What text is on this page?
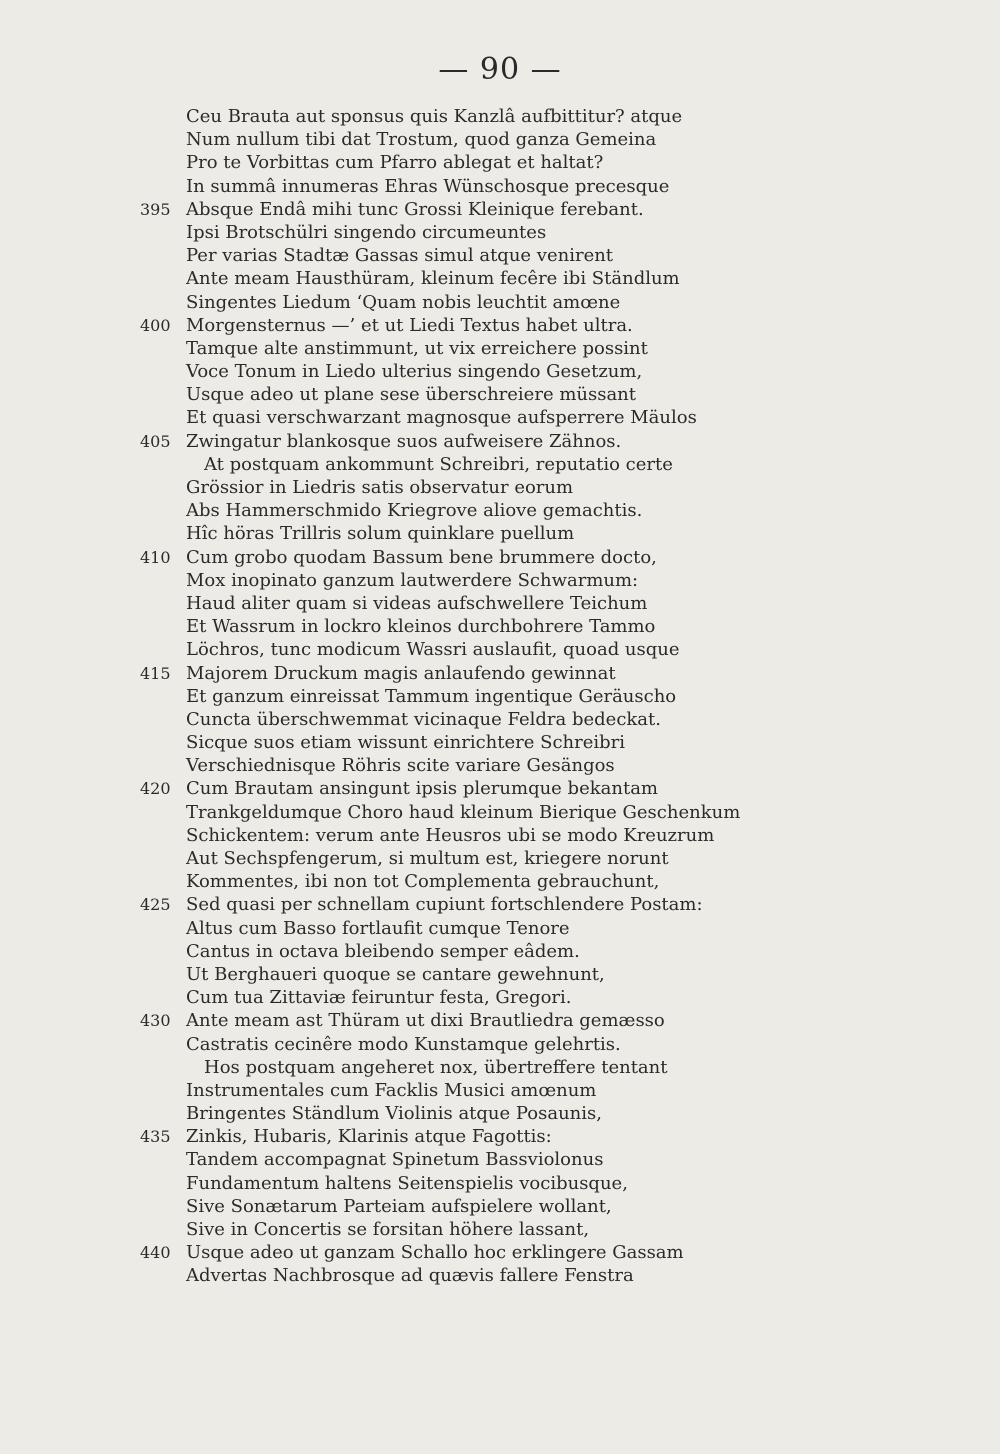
— 90 —
Ceu Brauta aut sponsus quis Kanzlâ aufbittitur? atque
Num nullum tibi dat Trostum, quod ganza Gemeina
Pro te Vorbittas cum Pfarro ablegat et haltat?
In summâ innumeras Ehras Wünschosque precesque
395 Absque Endâ mihi tunc Grossi Kleinique ferebant.
Ipsi Brotschülri singendo circumeuntes
Per varias Stadtæ Gassas simul atque venirent
Ante meam Hausthüram, kleinum fecêre ibi Ständlum
Singentes Liedum ‘Quam nobis leuchtit amœne
400 Morgensternus —’ et ut Liedi Textus habet ultra.
Tamque alte anstimmunt, ut vix erreichere possint
Voce Tonum in Liedo ulterius singendo Gesetzum,
Usque adeo ut plane sese überschreiere müssant
Et quasi verschwarzant magnosque aufsperrere Mäulos
405 Zwingatur blankosque suos aufweisere Zähnos.
At postquam ankommunt Schreibri, reputatio certe
Grössior in Liedris satis observatur eorum
Abs Hammerschmido Kriegrove aliove gemachtis.
Hîc höras Trillris solum quinklare puellum
410 Cum grobo quodam Bassum bene brummere docto,
Mox inopinato ganzum lautwerdere Schwarmum:
Haud aliter quam si videas aufschwellere Teichum
Et Wassrum in lockro kleinos durchbohrere Tammo
Löchros, tunc modicum Wassri auslaufit, quoad usque
415 Majorem Druckum magis anlaufendo gewinnat
Et ganzum einreissat Tammum ingentique Geräuscho
Cuncta überschwemmat vicinaque Feldra bedeckat.
Sicque suos etiam wissunt einrichtere Schreibri
Verschiednisque Röhris scite variare Gesängos
420 Cum Brautam ansingunt ipsis plerumque bekantam
Trankgeldumque Choro haud kleinum Bierique Geschenkum
Schickentem: verum ante Heusros ubi se modo Kreuzrum
Aut Sechspfengerum, si multum est, kriegere norunt
Kommentes, ibi non tot Complementa gebrauchunt,
425 Sed quasi per schnellam cupiunt fortschlendere Postam:
Altus cum Basso fortlaufit cumque Tenore
Cantus in octava bleibendo semper eâdem.
Ut Berghaueri quoque se cantare gewehnunt,
Cum tua Zittaviæ feiruntur festa, Gregori.
430 Ante meam ast Thüram ut dixi Brautliedra gemæsso
Castratis cecinêre modo Kunstamque gelehrtis.
Hos postquam angeheret nox, übertreffere tentant
Instrumentales cum Facklis Musici amœnum
Bringentes Ständlum Violinis atque Posaunis,
435 Zinkis, Hubaris, Klarinis atque Fagottis:
Tandem accompagnat Spinetum Bassviolonus
Fundamentum haltens Seitenspielis vocibusque,
Sive Sonætarum Parteiam aufspielere wollant,
Sive in Concertis se forsitan höhere lassant,
440 Usque adeo ut ganzam Schallo hoc erklingere Gassam
Advertas Nachbrosque ad quævis fallere Fenstra
